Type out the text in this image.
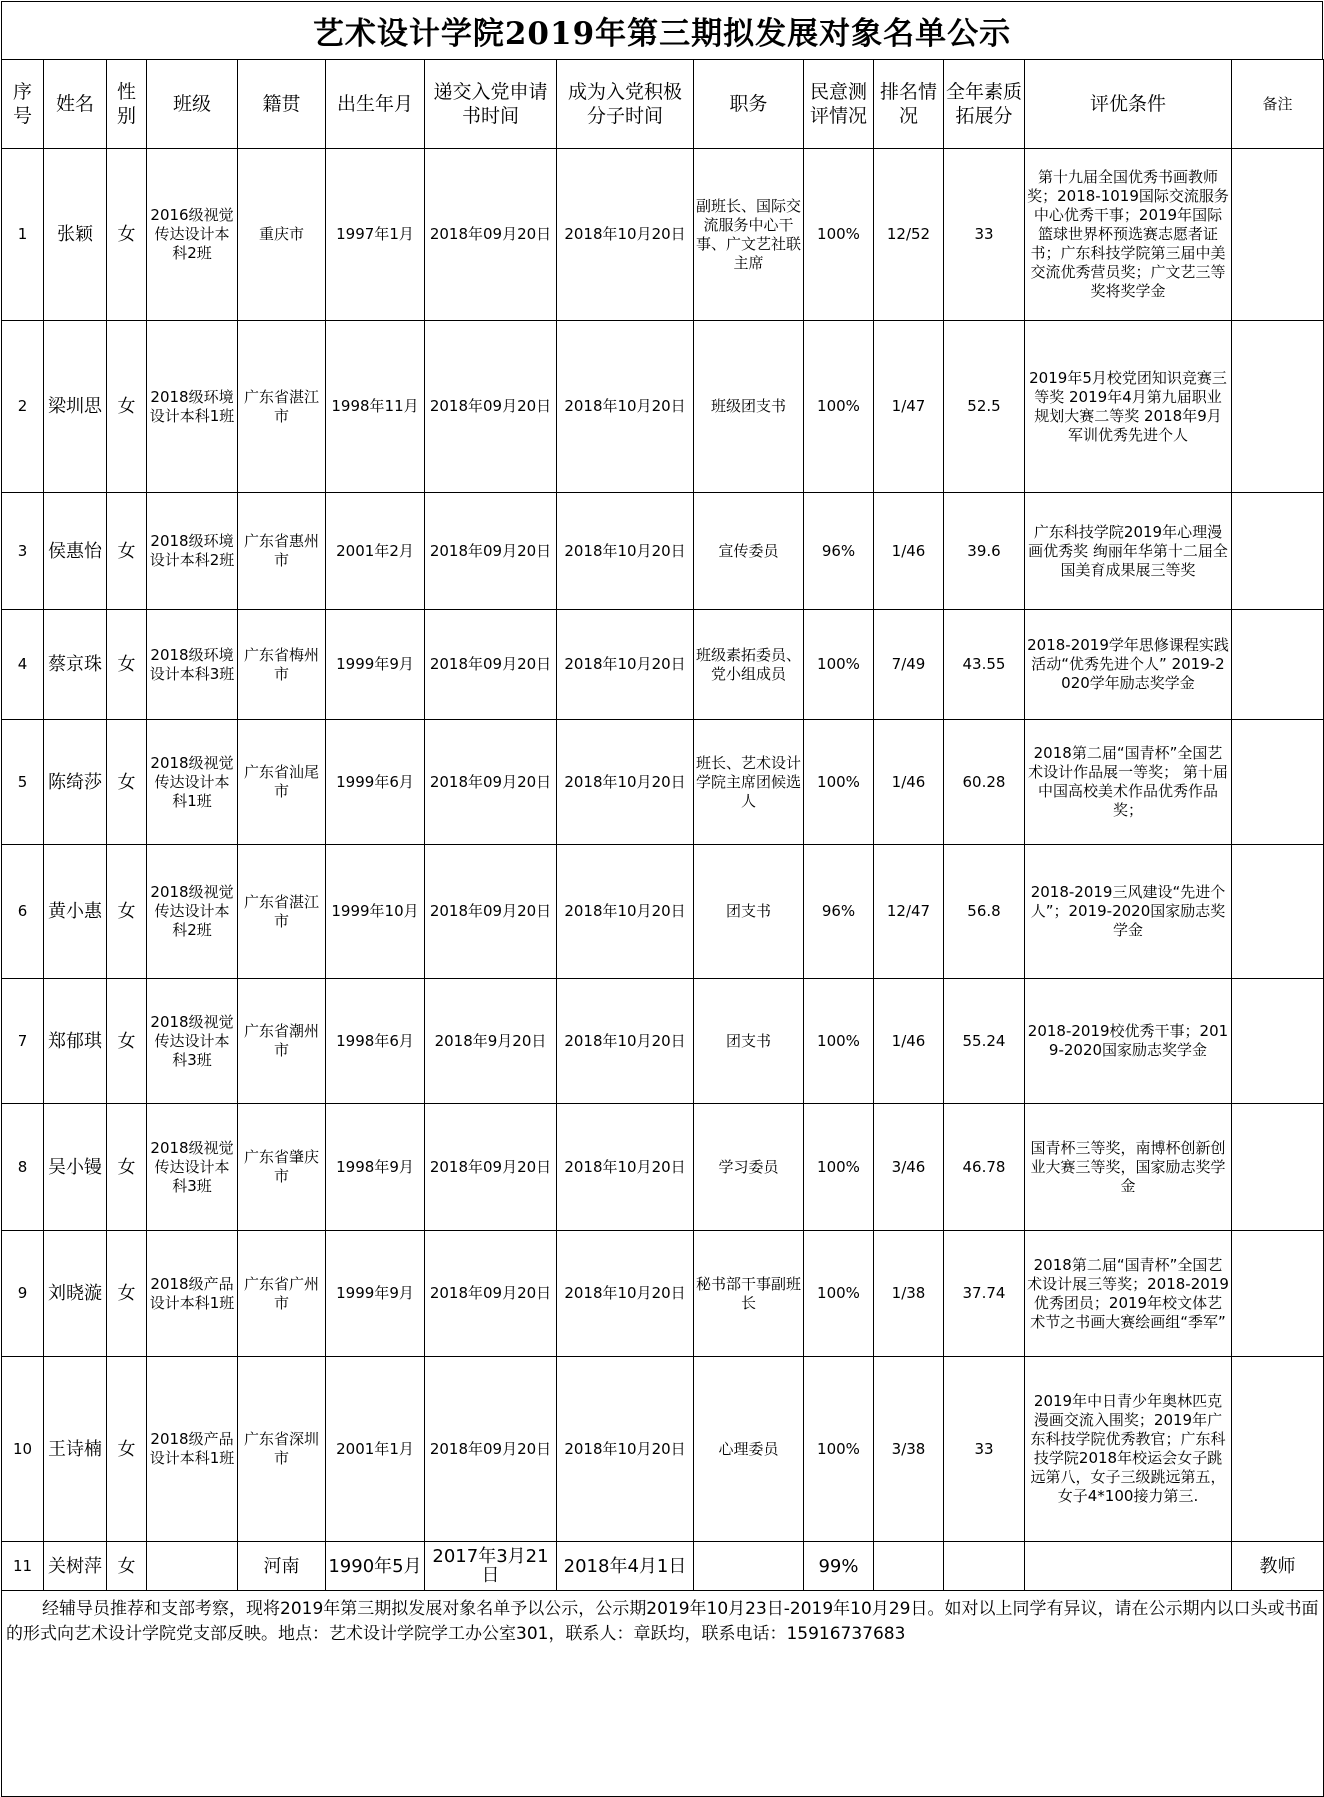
艺术设计学院2019年第三期拟发展对象名单公示
序号	姓名	性别	班级	籍贯	出生年月	递交入党申请书时间	成为入党积极分子时间	职务	民意测评情况	排名情况	全年素质拓展分	评优条件	备注
1	张颖	女	2016级视觉传达设计本科2班	重庆市	1997年1月	2018年09月20日	2018年10月20日	副班长、国际交流服务中心干事、广文艺社联主席	100%	12/52	33	第十九届全国优秀书画教师奖；2018-1019国际交流服务中心优秀干事；2019年国际篮球世界杯预选赛志愿者证书；广东科技学院第三届中美交流优秀营员奖；广文艺三等奖将奖学金	
2	梁圳思	女	2018级环境设计本科1班	广东省湛江市	1998年11月	2018年09月20日	2018年10月20日	班级团支书	100%	1/47	52.5	2019年5月校党团知识竞赛三等奖 2019年4月第九届职业规划大赛二等奖 2018年9月军训优秀先进个人	
3	侯惠怡	女	2018级环境设计本科2班	广东省惠州市	2001年2月	2018年09月20日	2018年10月20日	宣传委员	96%	1/46	39.6	广东科技学院2019年心理漫画优秀奖 绚丽年华第十二届全国美育成果展三等奖	
4	蔡京珠	女	2018级环境设计本科3班	广东省梅州市	1999年9月	2018年09月20日	2018年10月20日	班级素拓委员、党小组成员	100%	7/49	43.55	2018-2019学年思修课程实践活动“优秀先进个人” 2019-2020学年励志奖学金	
5	陈绮莎	女	2018级视觉传达设计本科1班	广东省汕尾市	1999年6月	2018年09月20日	2018年10月20日	班长、艺术设计学院主席团候选人	100%	1/46	60.28	2018第二届“国青杯”全国艺术设计作品展一等奖； 第十届中国高校美术作品优秀作品奖；	
6	黄小惠	女	2018级视觉传达设计本科2班	广东省湛江市	1999年10月	2018年09月20日	2018年10月20日	团支书	96%	12/47	56.8	2018-2019三风建设“先进个人”；2019-2020国家励志奖学金	
7	郑郁琪	女	2018级视觉传达设计本科3班	广东省潮州市	1998年6月	2018年9月20日	2018年10月20日	团支书	100%	1/46	55.24	2018-2019校优秀干事；2019-2020国家励志奖学金	
8	吴小镘	女	2018级视觉传达设计本科3班	广东省肇庆市	1998年9月	2018年09月20日	2018年10月20日	学习委员	100%	3/46	46.78	国青杯三等奖，南博杯创新创业大赛三等奖，国家励志奖学金	
9	刘晓漩	女	2018级产品设计本科1班	广东省广州市	1999年9月	2018年09月20日	2018年10月20日	秘书部干事副班长	100%	1/38	37.74	2018第二届“国青杯”全国艺术设计展三等奖；2018-2019优秀团员；2019年校文体艺术节之书画大赛绘画组“季军”	
10	王诗楠	女	2018级产品设计本科1班	广东省深圳市	2001年1月	2018年09月20日	2018年10月20日	心理委员	100%	3/38	33	2019年中日青少年奥林匹克漫画交流入围奖；2019年广东科技学院优秀教官；广东科技学院2018年校运会女子跳远第八，女子三级跳远第五，女子4*100接力第三.	
11	关树萍	女		河南	1990年5月	2017年3月21日	2018年4月1日		99%				教师
经辅导员推荐和支部考察，现将2019年第三期拟发展对象名单予以公示，公示期2019年10月23日-2019年10月29日。如对以上同学有异议，请在公示期内以口头或书面的形式向艺术设计学院党支部反映。地点：艺术设计学院学工办公室301，联系人：章跃均，联系电话：15916737683													
